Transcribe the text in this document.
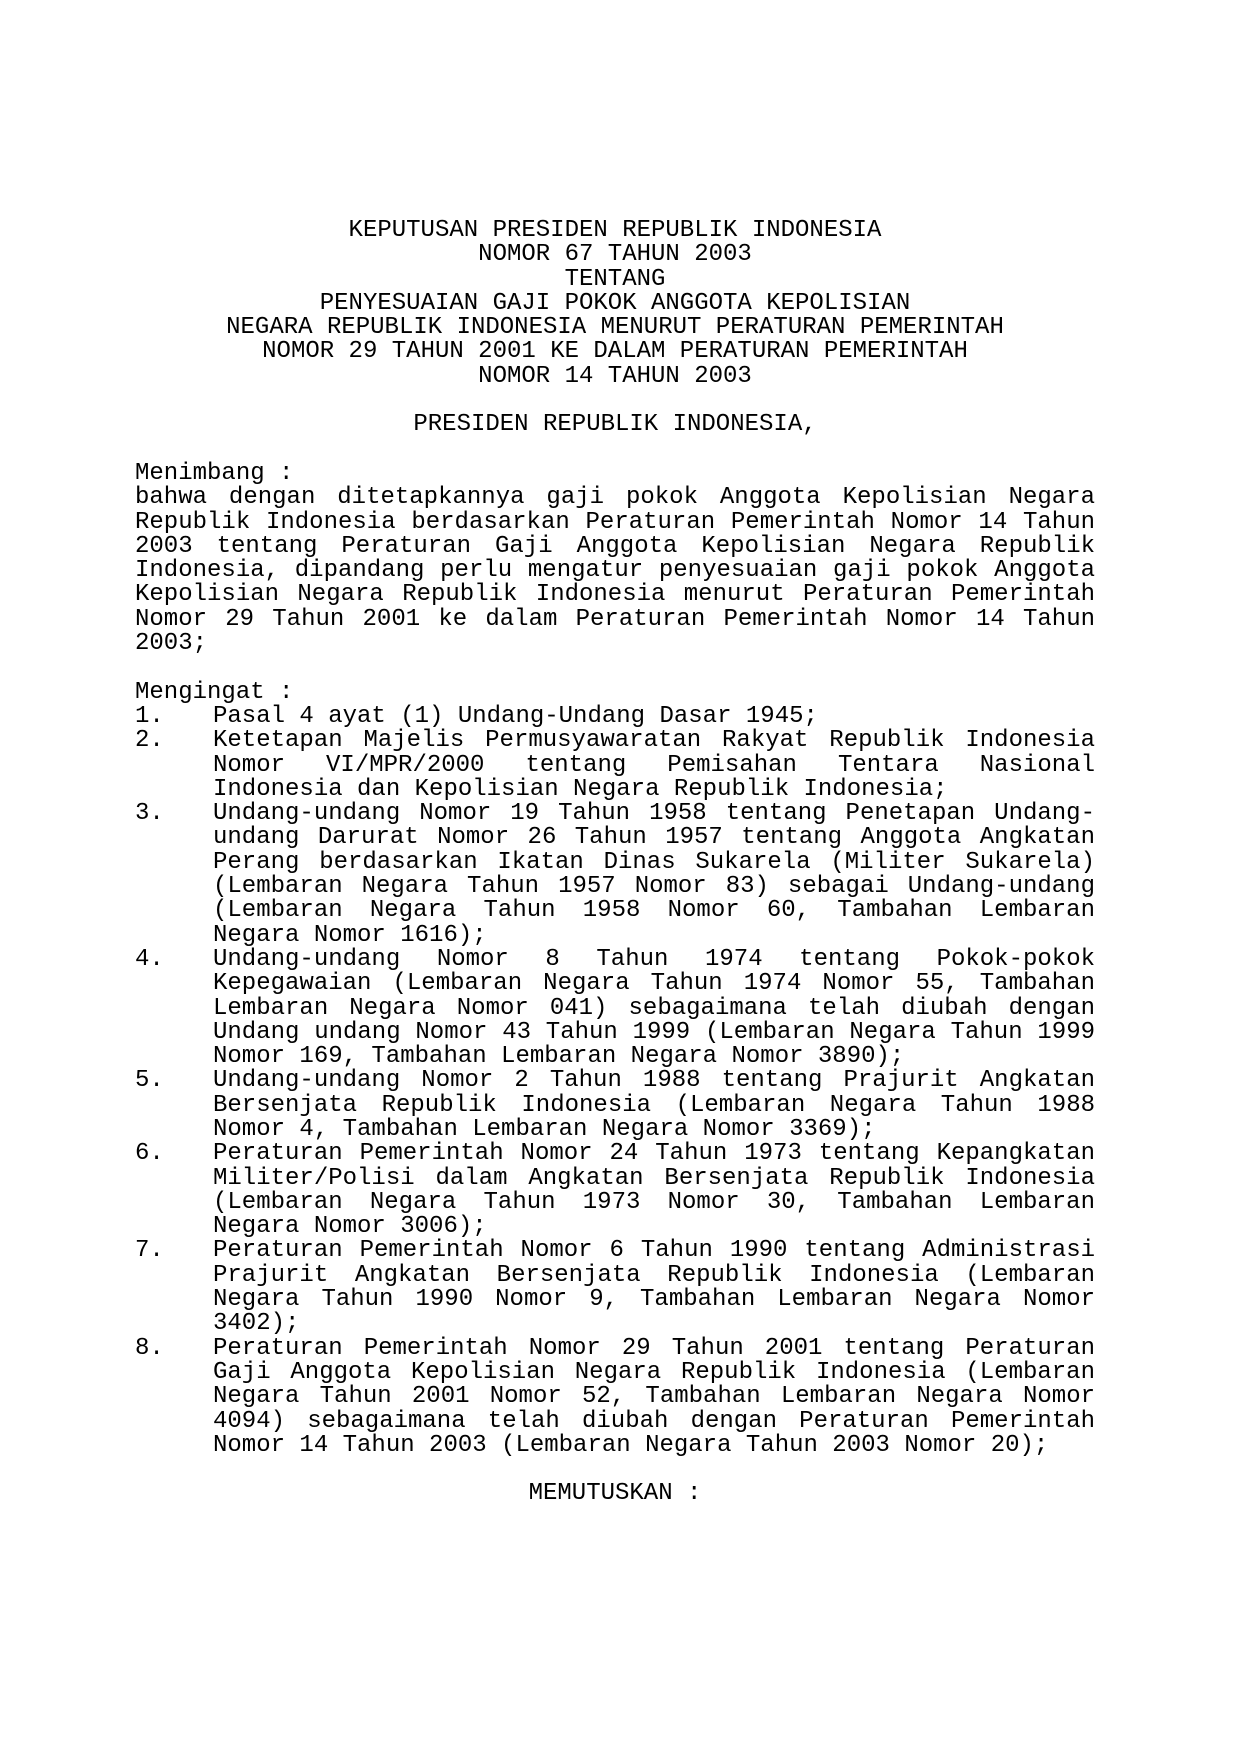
KEPUTUSAN PRESIDEN REPUBLIK INDONESIA
NOMOR 67 TAHUN 2003
TENTANG
PENYESUAIAN GAJI POKOK ANGGOTA KEPOLISIAN
NEGARA REPUBLIK INDONESIA MENURUT PERATURAN PEMERINTAH
NOMOR 29 TAHUN 2001 KE DALAM PERATURAN PEMERINTAH
NOMOR 14 TAHUN 2003
PRESIDEN REPUBLIK INDONESIA,
Menimbang :
bahwa dengan ditetapkannya gaji pokok Anggota Kepolisian Negara Republik Indonesia berdasarkan Peraturan Pemerintah Nomor 14 Tahun 2003 tentang Peraturan Gaji Anggota Kepolisian Negara Republik Indonesia, dipandang perlu mengatur penyesuaian gaji pokok Anggota Kepolisian Negara Republik Indonesia menurut Peraturan Pemerintah Nomor 29 Tahun 2001 ke dalam Peraturan Pemerintah Nomor 14 Tahun 2003;
Mengingat :
1. Pasal 4 ayat (1) Undang-Undang Dasar 1945;
2. Ketetapan Majelis Permusyawaratan Rakyat Republik Indonesia Nomor VI/MPR/2000 tentang Pemisahan Tentara Nasional Indonesia dan Kepolisian Negara Republik Indonesia;
3. Undang-undang Nomor 19 Tahun 1958 tentang Penetapan Undang-undang Darurat Nomor 26 Tahun 1957 tentang Anggota Angkatan Perang berdasarkan Ikatan Dinas Sukarela (Militer Sukarela) (Lembaran Negara Tahun 1957 Nomor 83) sebagai Undang-undang (Lembaran Negara Tahun 1958 Nomor 60, Tambahan Lembaran Negara Nomor 1616);
4. Undang-undang Nomor 8 Tahun 1974 tentang Pokok-pokok Kepegawaian (Lembaran Negara Tahun 1974 Nomor 55, Tambahan Lembaran Negara Nomor 041) sebagaimana telah diubah dengan Undang undang Nomor 43 Tahun 1999 (Lembaran Negara Tahun 1999 Nomor 169, Tambahan Lembaran Negara Nomor 3890);
5. Undang-undang Nomor 2 Tahun 1988 tentang Prajurit Angkatan Bersenjata Republik Indonesia (Lembaran Negara Tahun 1988 Nomor 4, Tambahan Lembaran Negara Nomor 3369);
6. Peraturan Pemerintah Nomor 24 Tahun 1973 tentang Kepangkatan Militer/Polisi dalam Angkatan Bersenjata Republik Indonesia (Lembaran Negara Tahun 1973 Nomor 30, Tambahan Lembaran Negara Nomor 3006);
7. Peraturan Pemerintah Nomor 6 Tahun 1990 tentang Administrasi Prajurit Angkatan Bersenjata Republik Indonesia (Lembaran Negara Tahun 1990 Nomor 9, Tambahan Lembaran Negara Nomor 3402);
8. Peraturan Pemerintah Nomor 29 Tahun 2001 tentang Peraturan Gaji Anggota Kepolisian Negara Republik Indonesia (Lembaran Negara Tahun 2001 Nomor 52, Tambahan Lembaran Negara Nomor 4094) sebagaimana telah diubah dengan Peraturan Pemerintah Nomor 14 Tahun 2003 (Lembaran Negara Tahun 2003 Nomor 20);
MEMUTUSKAN :
